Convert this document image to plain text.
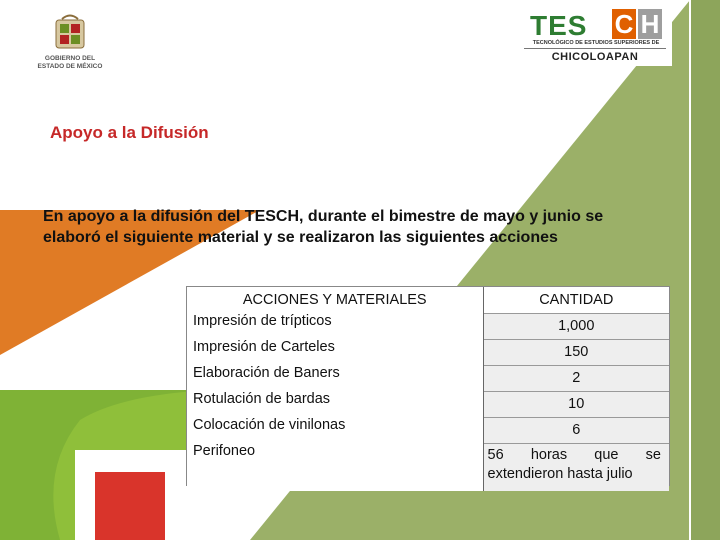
GOBIERNO DEL
ESTADO DE MÉXICO
TES C H
TECNOLÓGICO DE ESTUDIOS SUPERIORES DE
CHICOLOAPAN
Apoyo a la Difusión
En apoyo a la difusión del TESCH, durante el bimestre de mayo y junio se elaboró el siguiente material y se realizaron las siguientes acciones
ACCIONES Y MATERIALES	CANTIDAD
Impresión de trípticos	1,000
Impresión de Carteles	150
Elaboración de Baners	2
Rotulación de bardas	10
Colocación de vinilonas	6
Perifoneo	56 horas que se extendieron hasta julio
